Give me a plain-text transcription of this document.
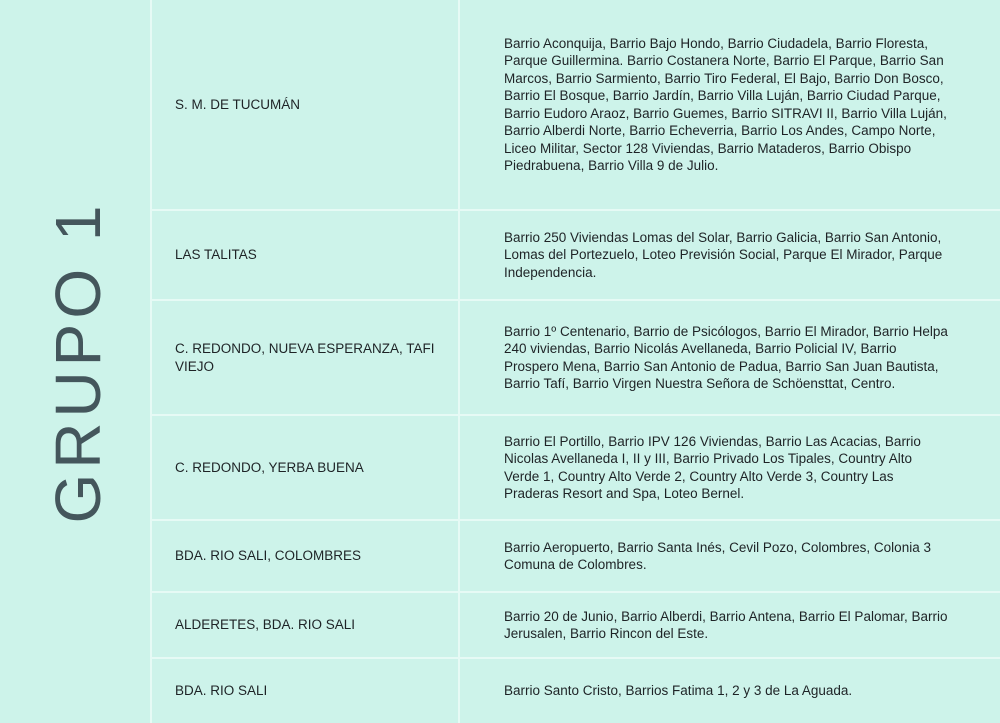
GRUPO 1
S. M. DE TUCUMÁN
Barrio Aconquija, Barrio Bajo Hondo, Barrio Ciudadela, Barrio Floresta, Parque Guillermina. Barrio Costanera Norte, Barrio El Parque, Barrio San Marcos, Barrio Sarmiento, Barrio Tiro Federal, El Bajo, Barrio Don Bosco, Barrio El Bosque, Barrio Jardín, Barrio Villa Luján, Barrio Ciudad Parque, Barrio Eudoro Araoz, Barrio Guemes, Barrio SITRAVI II, Barrio Villa Luján, Barrio Alberdi Norte, Barrio Echeverria, Barrio Los Andes, Campo Norte, Liceo Militar, Sector 128 Viviendas, Barrio Mataderos, Barrio Obispo Piedrabuena, Barrio Villa 9 de Julio.
LAS TALITAS
Barrio 250 Viviendas Lomas del Solar, Barrio Galicia, Barrio San Antonio, Lomas del Portezuelo, Loteo Previsión Social, Parque El Mirador, Parque Independencia.
C. REDONDO, NUEVA ESPERANZA, TAFI VIEJO
Barrio 1º Centenario, Barrio de Psicólogos, Barrio El Mirador, Barrio Helpa 240 viviendas, Barrio Nicolás Avellaneda, Barrio Policial IV, Barrio Prospero Mena, Barrio San Antonio de Padua, Barrio San Juan Bautista, Barrio Tafí, Barrio Virgen Nuestra Señora de Schöensttat, Centro.
C. REDONDO, YERBA BUENA
Barrio El Portillo, Barrio IPV 126 Viviendas, Barrio Las Acacias, Barrio Nicolas Avellaneda I, II y III, Barrio Privado Los Tipales, Country Alto Verde 1, Country Alto Verde 2, Country Alto Verde 3, Country Las Praderas Resort and Spa, Loteo Bernel.
BDA. RIO SALI, COLOMBRES
Barrio Aeropuerto, Barrio Santa Inés, Cevil Pozo, Colombres, Colonia 3 Comuna de Colombres.
ALDERETES, BDA. RIO SALI
Barrio 20 de Junio, Barrio Alberdi, Barrio Antena, Barrio El Palomar, Barrio Jerusalen, Barrio Rincon del Este.
BDA. RIO SALI	Barrio Santo Cristo, Barrios Fatima 1, 2 y 3 de La Aguada.
